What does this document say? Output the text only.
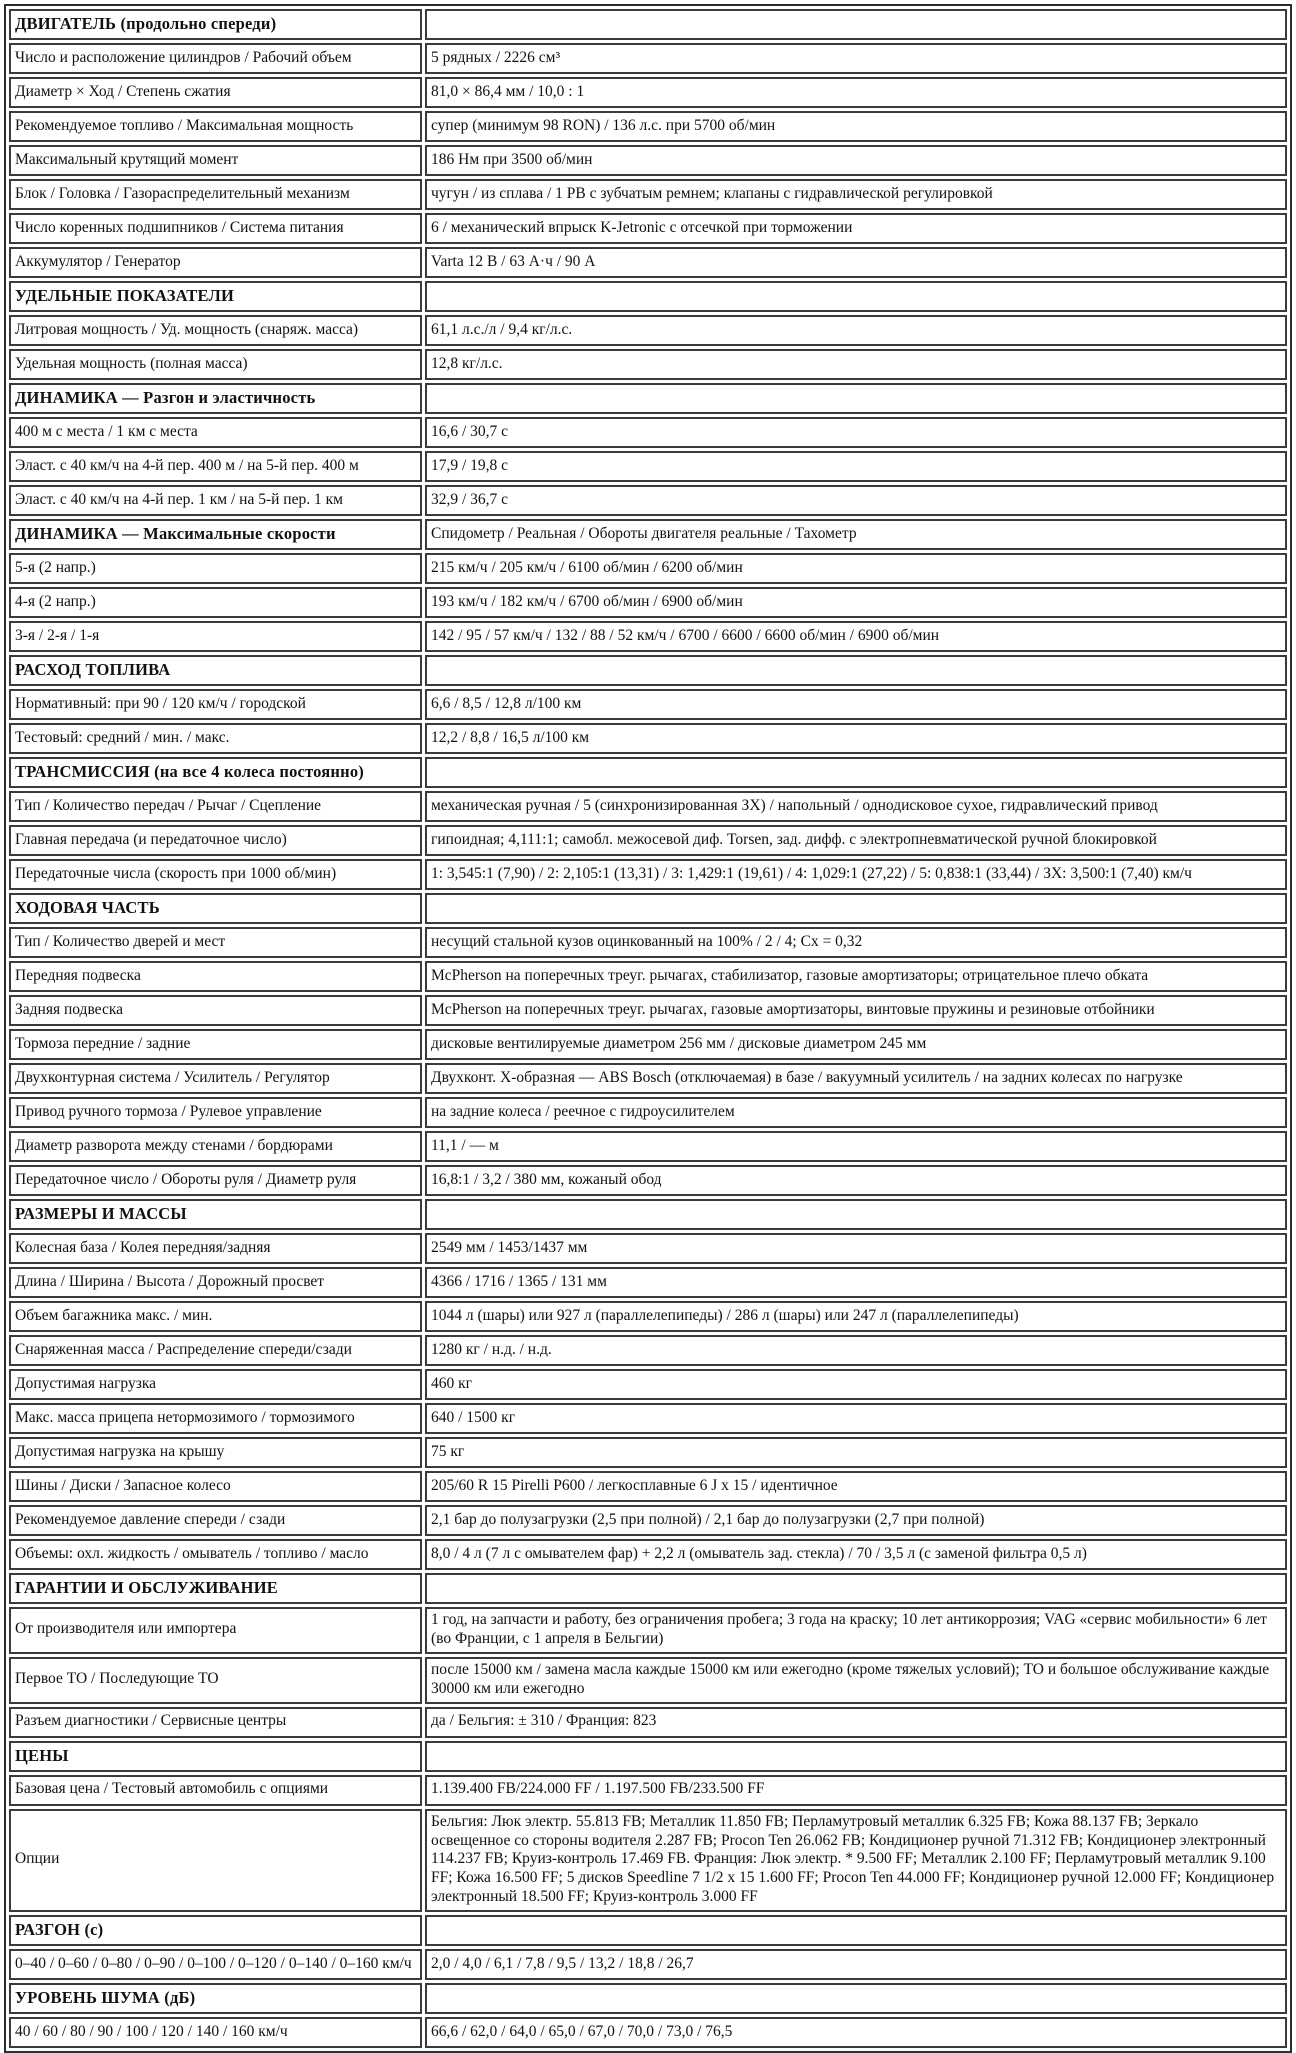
ДВИГАТЕЛЬ (продольно спереди)	
Число и расположение цилиндров / Рабочий объем	5 рядных / 2226 см³
Диаметр × Ход / Степень сжатия	81,0 × 86,4 мм / 10,0 : 1
Рекомендуемое топливо / Максимальная мощность	супер (минимум 98 RON) / 136 л.с. при 5700 об/мин
Максимальный крутящий момент	186 Нм при 3500 об/мин
Блок / Головка / Газораспределительный механизм	чугун / из сплава / 1 РВ с зубчатым ремнем; клапаны с гидравлической регулировкой
Число коренных подшипников / Система питания	6 / механический впрыск K-Jetronic с отсечкой при торможении
Аккумулятор / Генератор	Varta 12 В / 63 А·ч / 90 А
УДЕЛЬНЫЕ ПОКАЗАТЕЛИ	
Литровая мощность / Уд. мощность (снаряж. масса)	61,1 л.с./л / 9,4 кг/л.с.
Удельная мощность (полная масса)	12,8 кг/л.с.
ДИНАМИКА — Разгон и эластичность	
400 м с места / 1 км с места	16,6 / 30,7 с
Эласт. с 40 км/ч на 4-й пер. 400 м / на 5-й пер. 400 м	17,9 / 19,8 с
Эласт. с 40 км/ч на 4-й пер. 1 км / на 5-й пер. 1 км	32,9 / 36,7 с
ДИНАМИКА — Максимальные скорости	Спидометр / Реальная / Обороты двигателя реальные / Тахометр
5-я (2 напр.)	215 км/ч / 205 км/ч / 6100 об/мин / 6200 об/мин
4-я (2 напр.)	193 км/ч / 182 км/ч / 6700 об/мин / 6900 об/мин
3-я / 2-я / 1-я	142 / 95 / 57 км/ч / 132 / 88 / 52 км/ч / 6700 / 6600 / 6600 об/мин / 6900 об/мин
РАСХОД ТОПЛИВА	
Нормативный: при 90 / 120 км/ч / городской	6,6 / 8,5 / 12,8 л/100 км
Тестовый: средний / мин. / макс.	12,2 / 8,8 / 16,5 л/100 км
ТРАНСМИССИЯ (на все 4 колеса постоянно)	
Тип / Количество передач / Рычаг / Сцепление	механическая ручная / 5 (синхронизированная ЗХ) / напольный / однодисковое сухое, гидравлический привод
Главная передача (и передаточное число)	гипоидная; 4,111:1; самобл. межосевой диф. Torsen, зад. дифф. с электропневматической ручной блокировкой
Передаточные числа (скорость при 1000 об/мин)	1: 3,545:1 (7,90) / 2: 2,105:1 (13,31) / 3: 1,429:1 (19,61) / 4: 1,029:1 (27,22) / 5: 0,838:1 (33,44) / ЗХ: 3,500:1 (7,40) км/ч
ХОДОВАЯ ЧАСТЬ	
Тип / Количество дверей и мест	несущий стальной кузов оцинкованный на 100% / 2 / 4; Сх = 0,32
Передняя подвеска	McPherson на поперечных треуг. рычагах, стабилизатор, газовые амортизаторы; отрицательное плечо обката
Задняя подвеска	McPherson на поперечных треуг. рычагах, газовые амортизаторы, винтовые пружины и резиновые отбойники
Тормоза передние / задние	дисковые вентилируемые диаметром 256 мм / дисковые диаметром 245 мм
Двухконтурная система / Усилитель / Регулятор	Двухконт. Х-образная — ABS Bosch (отключаемая) в базе / вакуумный усилитель / на задних колесах по нагрузке
Привод ручного тормоза / Рулевое управление	на задние колеса / реечное с гидроусилителем
Диаметр разворота между стенами / бордюрами	11,1 / — м
Передаточное число / Обороты руля / Диаметр руля	16,8:1 / 3,2 / 380 мм, кожаный обод
РАЗМЕРЫ И МАССЫ	
Колесная база / Колея передняя/задняя	2549 мм / 1453/1437 мм
Длина / Ширина / Высота / Дорожный просвет	4366 / 1716 / 1365 / 131 мм
Объем багажника макс. / мин.	1044 л (шары) или 927 л (параллелепипеды) / 286 л (шары) или 247 л (параллелепипеды)
Снаряженная масса / Распределение спереди/сзади	1280 кг / н.д. / н.д.
Допустимая нагрузка	460 кг
Макс. масса прицепа нетормозимого / тормозимого	640 / 1500 кг
Допустимая нагрузка на крышу	75 кг
Шины / Диски / Запасное колесо	205/60 R 15 Pirelli P600 / легкосплавные 6 J x 15 / идентичное
Рекомендуемое давление спереди / сзади	2,1 бар до полузагрузки (2,5 при полной) / 2,1 бар до полузагрузки (2,7 при полной)
Объемы: охл. жидкость / омыватель / топливо / масло	8,0 / 4 л (7 л с омывателем фар) + 2,2 л (омыватель зад. стекла) / 70 / 3,5 л (с заменой фильтра 0,5 л)
ГАРАНТИИ И ОБСЛУЖИВАНИЕ	
От производителя или импортера	1 год, на запчасти и работу, без ограничения пробега; 3 года на краску; 10 лет антикоррозия; VAG «сервис мобильности» 6 лет (во Франции, с 1 апреля в Бельгии)
Первое ТО / Последующие ТО	после 15000 км / замена масла каждые 15000 км или ежегодно (кроме тяжелых условий); ТО и большое обслуживание каждые 30000 км или ежегодно
Разъем диагностики / Сервисные центры	да / Бельгия: ± 310 / Франция: 823
ЦЕНЫ	
Базовая цена / Тестовый автомобиль с опциями	1.139.400 FB/224.000 FF / 1.197.500 FB/233.500 FF
Опции	Бельгия: Люк электр. 55.813 FB; Металлик 11.850 FB; Перламутровый металлик 6.325 FB; Кожа 88.137 FB; Зеркало освещенное со стороны водителя 2.287 FB; Procon Ten 26.062 FB; Кондиционер ручной 71.312 FB; Кондиционер электронный 114.237 FB; Круиз-контроль 17.469 FB. Франция: Люк электр. * 9.500 FF; Металлик 2.100 FF; Перламутровый металлик 9.100 FF; Кожа 16.500 FF; 5 дисков Speedline 7 1/2 x 15 1.600 FF; Procon Ten 44.000 FF; Кондиционер ручной 12.000 FF; Кондиционер электронный 18.500 FF; Круиз-контроль 3.000 FF
РАЗГОН (с)	
0–40 / 0–60 / 0–80 / 0–90 / 0–100 / 0–120 / 0–140 / 0–160 км/ч	2,0 / 4,0 / 6,1 / 7,8 / 9,5 / 13,2 / 18,8 / 26,7
УРОВЕНЬ ШУМА (дБ)	
40 / 60 / 80 / 90 / 100 / 120 / 140 / 160 км/ч	66,6 / 62,0 / 64,0 / 65,0 / 67,0 / 70,0 / 73,0 / 76,5
